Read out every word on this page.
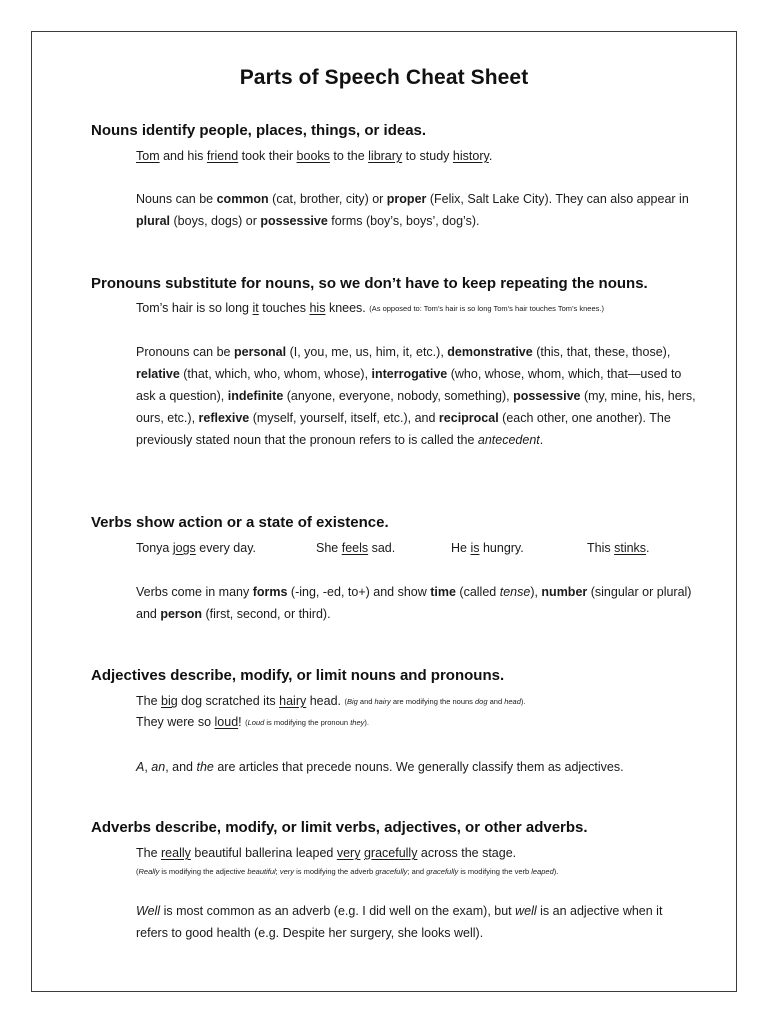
Parts of Speech Cheat Sheet
Nouns identify people, places, things, or ideas.
Tom and his friend took their books to the library to study history.
Nouns can be common (cat, brother, city) or proper (Felix, Salt Lake City). They can also appear in plural (boys, dogs) or possessive forms (boy’s, boys’, dog’s).
Pronouns substitute for nouns, so we don’t have to keep repeating the nouns.
Tom’s hair is so long it touches his knees. (As opposed to: Tom’s hair is so long Tom’s hair touches Tom’s knees.)
Pronouns can be personal (I, you, me, us, him, it, etc.), demonstrative (this, that, these, those), relative (that, which, who, whom, whose), interrogative (who, whose, whom, which, that—used to ask a question), indefinite (anyone, everyone, nobody, something), possessive (my, mine, his, hers, ours, etc.), reflexive (myself, yourself, itself, etc.), and reciprocal (each other, one another). The previously stated noun that the pronoun refers to is called the antecedent.
Verbs show action or a state of existence.
Tonya jogs every day.	She feels sad.	He is hungry.	This stinks.
Verbs come in many forms (-ing, -ed, to+) and show time (called tense), number (singular or plural) and person (first, second, or third).
Adjectives describe, modify, or limit nouns and pronouns.
The big dog scratched its hairy head. (Big and hairy are modifying the nouns dog and head).
They were so loud! (Loud is modifying the pronoun they).
A, an, and the are articles that precede nouns. We generally classify them as adjectives.
Adverbs describe, modify, or limit verbs, adjectives, or other adverbs.
The really beautiful ballerina leaped very gracefully across the stage.
(Really is modifying the adjective beautiful; very is modifying the adverb gracefully; and gracefully is modifying the verb leaped).
Well is most common as an adverb (e.g. I did well on the exam), but well is an adjective when it refers to good health (e.g. Despite her surgery, she looks well).
